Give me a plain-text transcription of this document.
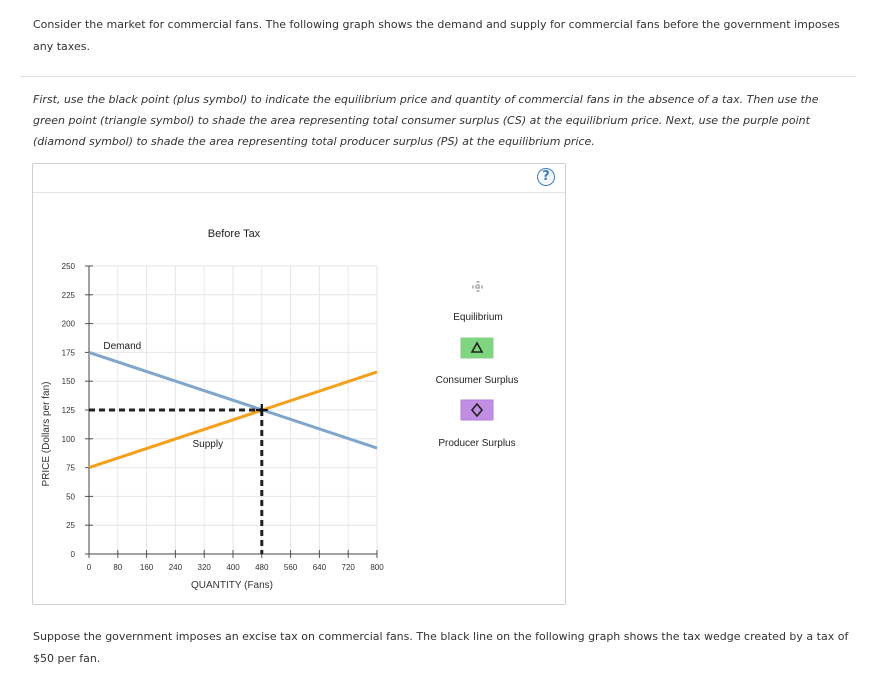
Consider the market for commercial fans. The following graph shows the demand and supply for commercial fans before the government imposes any taxes.
First, use the black point (plus symbol) to indicate the equilibrium price and quantity of commercial fans in the absence of a tax. Then use the green point (triangle symbol) to shade the area representing total consumer surplus (CS) at the equilibrium price. Next, use the purple point (diamond symbol) to shade the area representing total producer surplus (PS) at the equilibrium price.
?
Before Tax
0	80 160 240 320 400 480 560 640 720 800
0
25
50
75
100
125
150
175
200
225
250
Demand
Supply
QUANTITY (Fans)
PRICE (Dollars per fan)
Equilibrium
Consumer Surplus
Producer Surplus
Suppose the government imposes an excise tax on commercial fans. The black line on the following graph shows the tax wedge created by a tax of $50 per fan.
